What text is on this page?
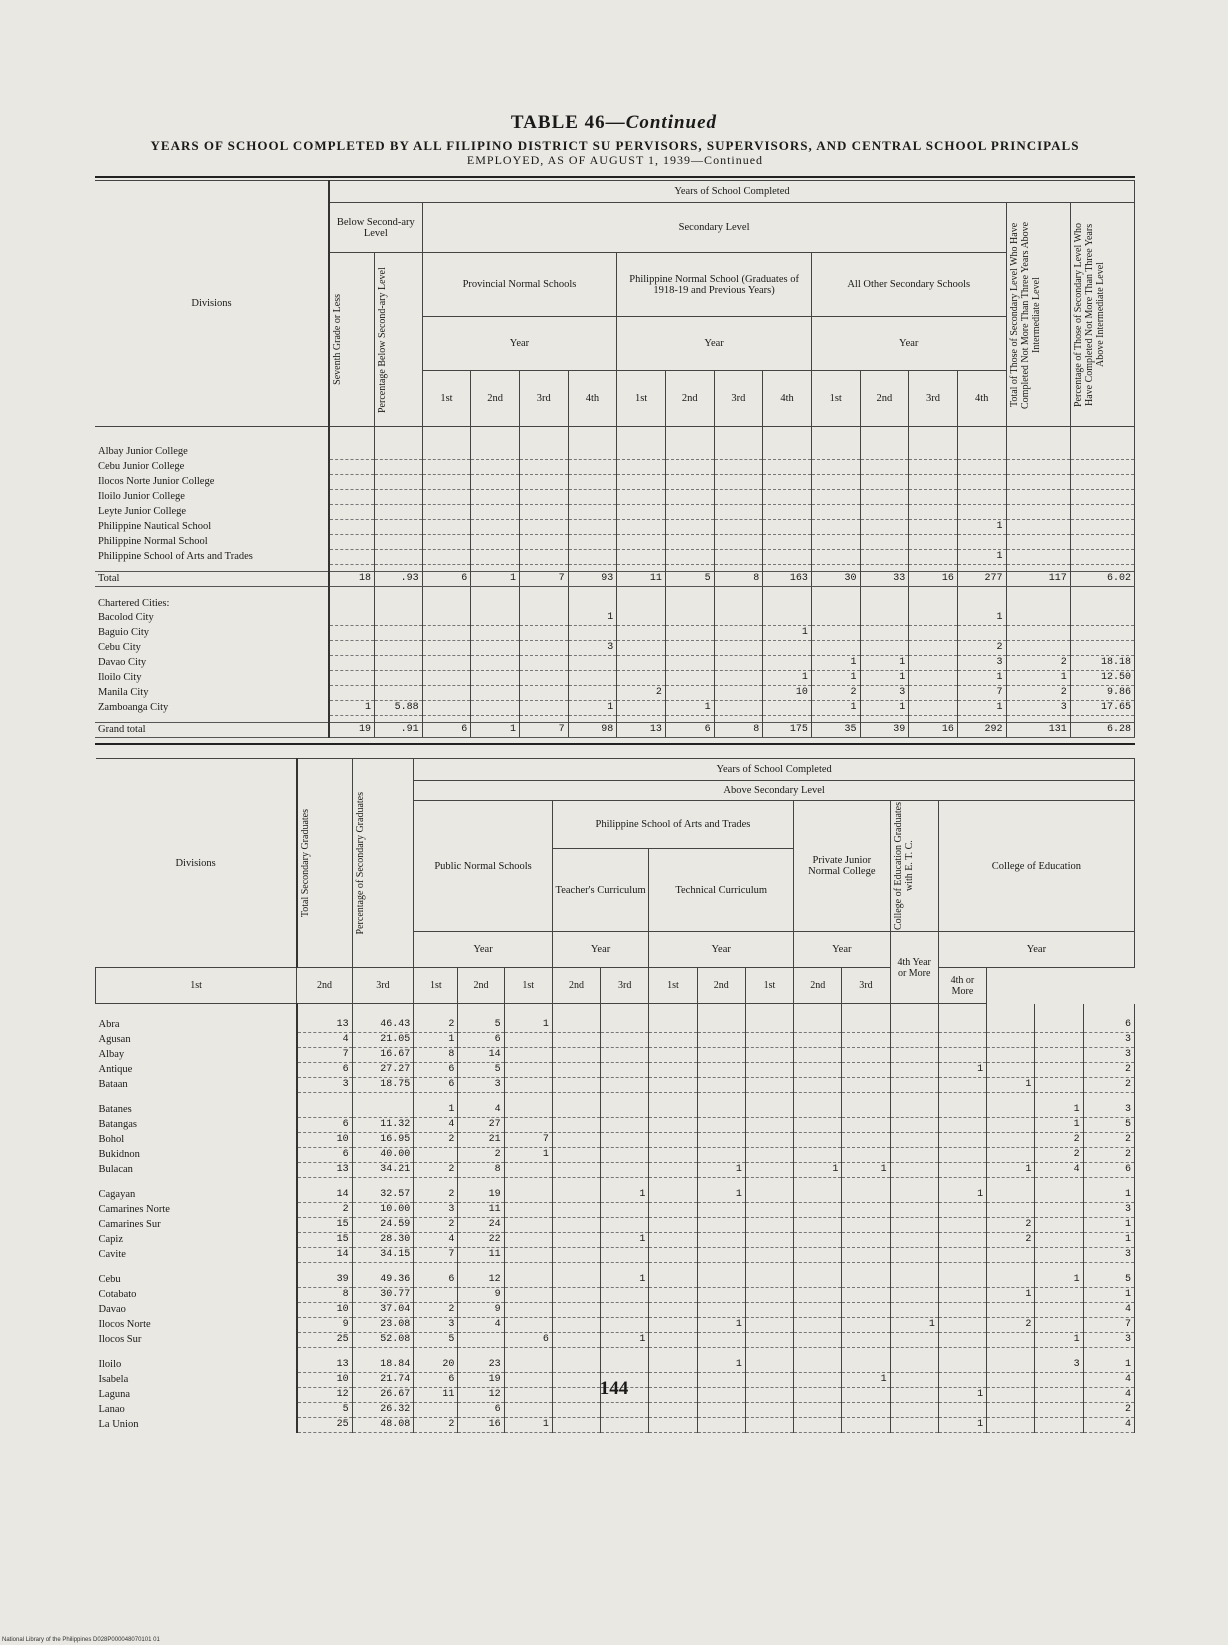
TABLE 46—Continued
YEARS OF SCHOOL COMPLETED BY ALL FILIPINO DISTRICT SU PERVISORS, SUPERVISORS, AND CENTRAL SCHOOL PRINCIPALS
EMPLOYED, AS OF AUGUST 1, 1939—Continued
Divisions	Years of School Completed															
	Below Second-ary Level		Secondary Level												Total of Those of Secondary Level Who Have Completed Not More Than Three Years Above Intermediate Level	Percentage of Those of Secondary Level Who Have Completed Not More Than Three Years Above Intermediate Level

	Seventh Grade or Less	Percentage Below Second-ary Level	Provincial Normal Schools				Philippine Normal School (Graduates of 1918-19 and Previous Years)				All Other Secondary Schools					
			Year				Year				Year					
			1st	2nd	3rd	4th	1st	2nd	3rd	4th	1st	2nd	3rd	4th		

Albay Junior College																
Cebu Junior College																
Ilocos Norte Junior College																
Iloilo Junior College																
Leyte Junior College																
Philippine Nautical School														1		
Philippine Normal School																
Philippine School of Arts and Trades														1		

Total	18	.93	6	1	7	93	11	5	8	163	30	33	16	277	117	6.02

Chartered Cities:																
Bacolod City						1								1		
Baguio City										1						
Cebu City						3								2		
Davao City											1	1		3	2	18.18
Iloilo City										1	1	1		1	1	12.50
Manila City							2			10	2	3		7	2	9.86
Zamboanga City	1	5.88				1		1			1	1		1	3	17.65

Grand total	19	.91	6	1	7	98	13	6	8	175	35	39	16	292	131	6.28
Divisions	Total Secondary Graduates	Percentage of Secondary Graduates	Years of School Completed														
			Above Secondary Level														
			Public Normal Schools			Philippine School of Arts and Trades					Private Junior Normal College		College of Education Graduates with E. T. C.	College of Education			
						Teacher's Curriculum		Technical Curriculum									
			Year			Year		Year			Year		4th Year or More	Year			
1st	2nd	3rd	1st	2nd	1st	2nd	3rd	1st	2nd	1st	2nd	3rd		4th or More			

Abra	13	46.43	2	5	1												6
Agusan	4	21.05	1	6													3
Albay	7	16.67	8	14													3
Antique	6	27.27	6	5										1			2
Bataan	3	18.75	6	3											1		2

Batanes			1	4												1	3
Batangas	6	11.32	4	27												1	5
Bohol	10	16.95	2	21	7											2	2
Bukidnon	6	40.00		2	1											2	2
Bulacan	13	34.21	2	8					1		1	1			1	4	6

Cagayan	14	32.57	2	19			1		1					1			1
Camarines Norte	2	10.00	3	11													3
Camarines Sur	15	24.59	2	24											2		1
Capiz	15	28.30	4	22			1								2		1
Cavite	14	34.15	7	11													3

Cebu	39	49.36	6	12			1									1	5
Cotabato	8	30.77		9											1		1
Davao	10	37.04	2	9													4
Ilocos Norte	9	23.08	3	4					1				1		2		7
Ilocos Sur	25	52.08	5		6		1									1	3

Iloilo	13	18.84	20	23					1							3	1
Isabela	10	21.74	6	19								1					4
Laguna	12	26.67	11	12										1			4
Lanao	5	26.32		6													2
La Union	25	48.08	2	16	1									1			4
144
National Library of the Philippines D028P000048070101 01
